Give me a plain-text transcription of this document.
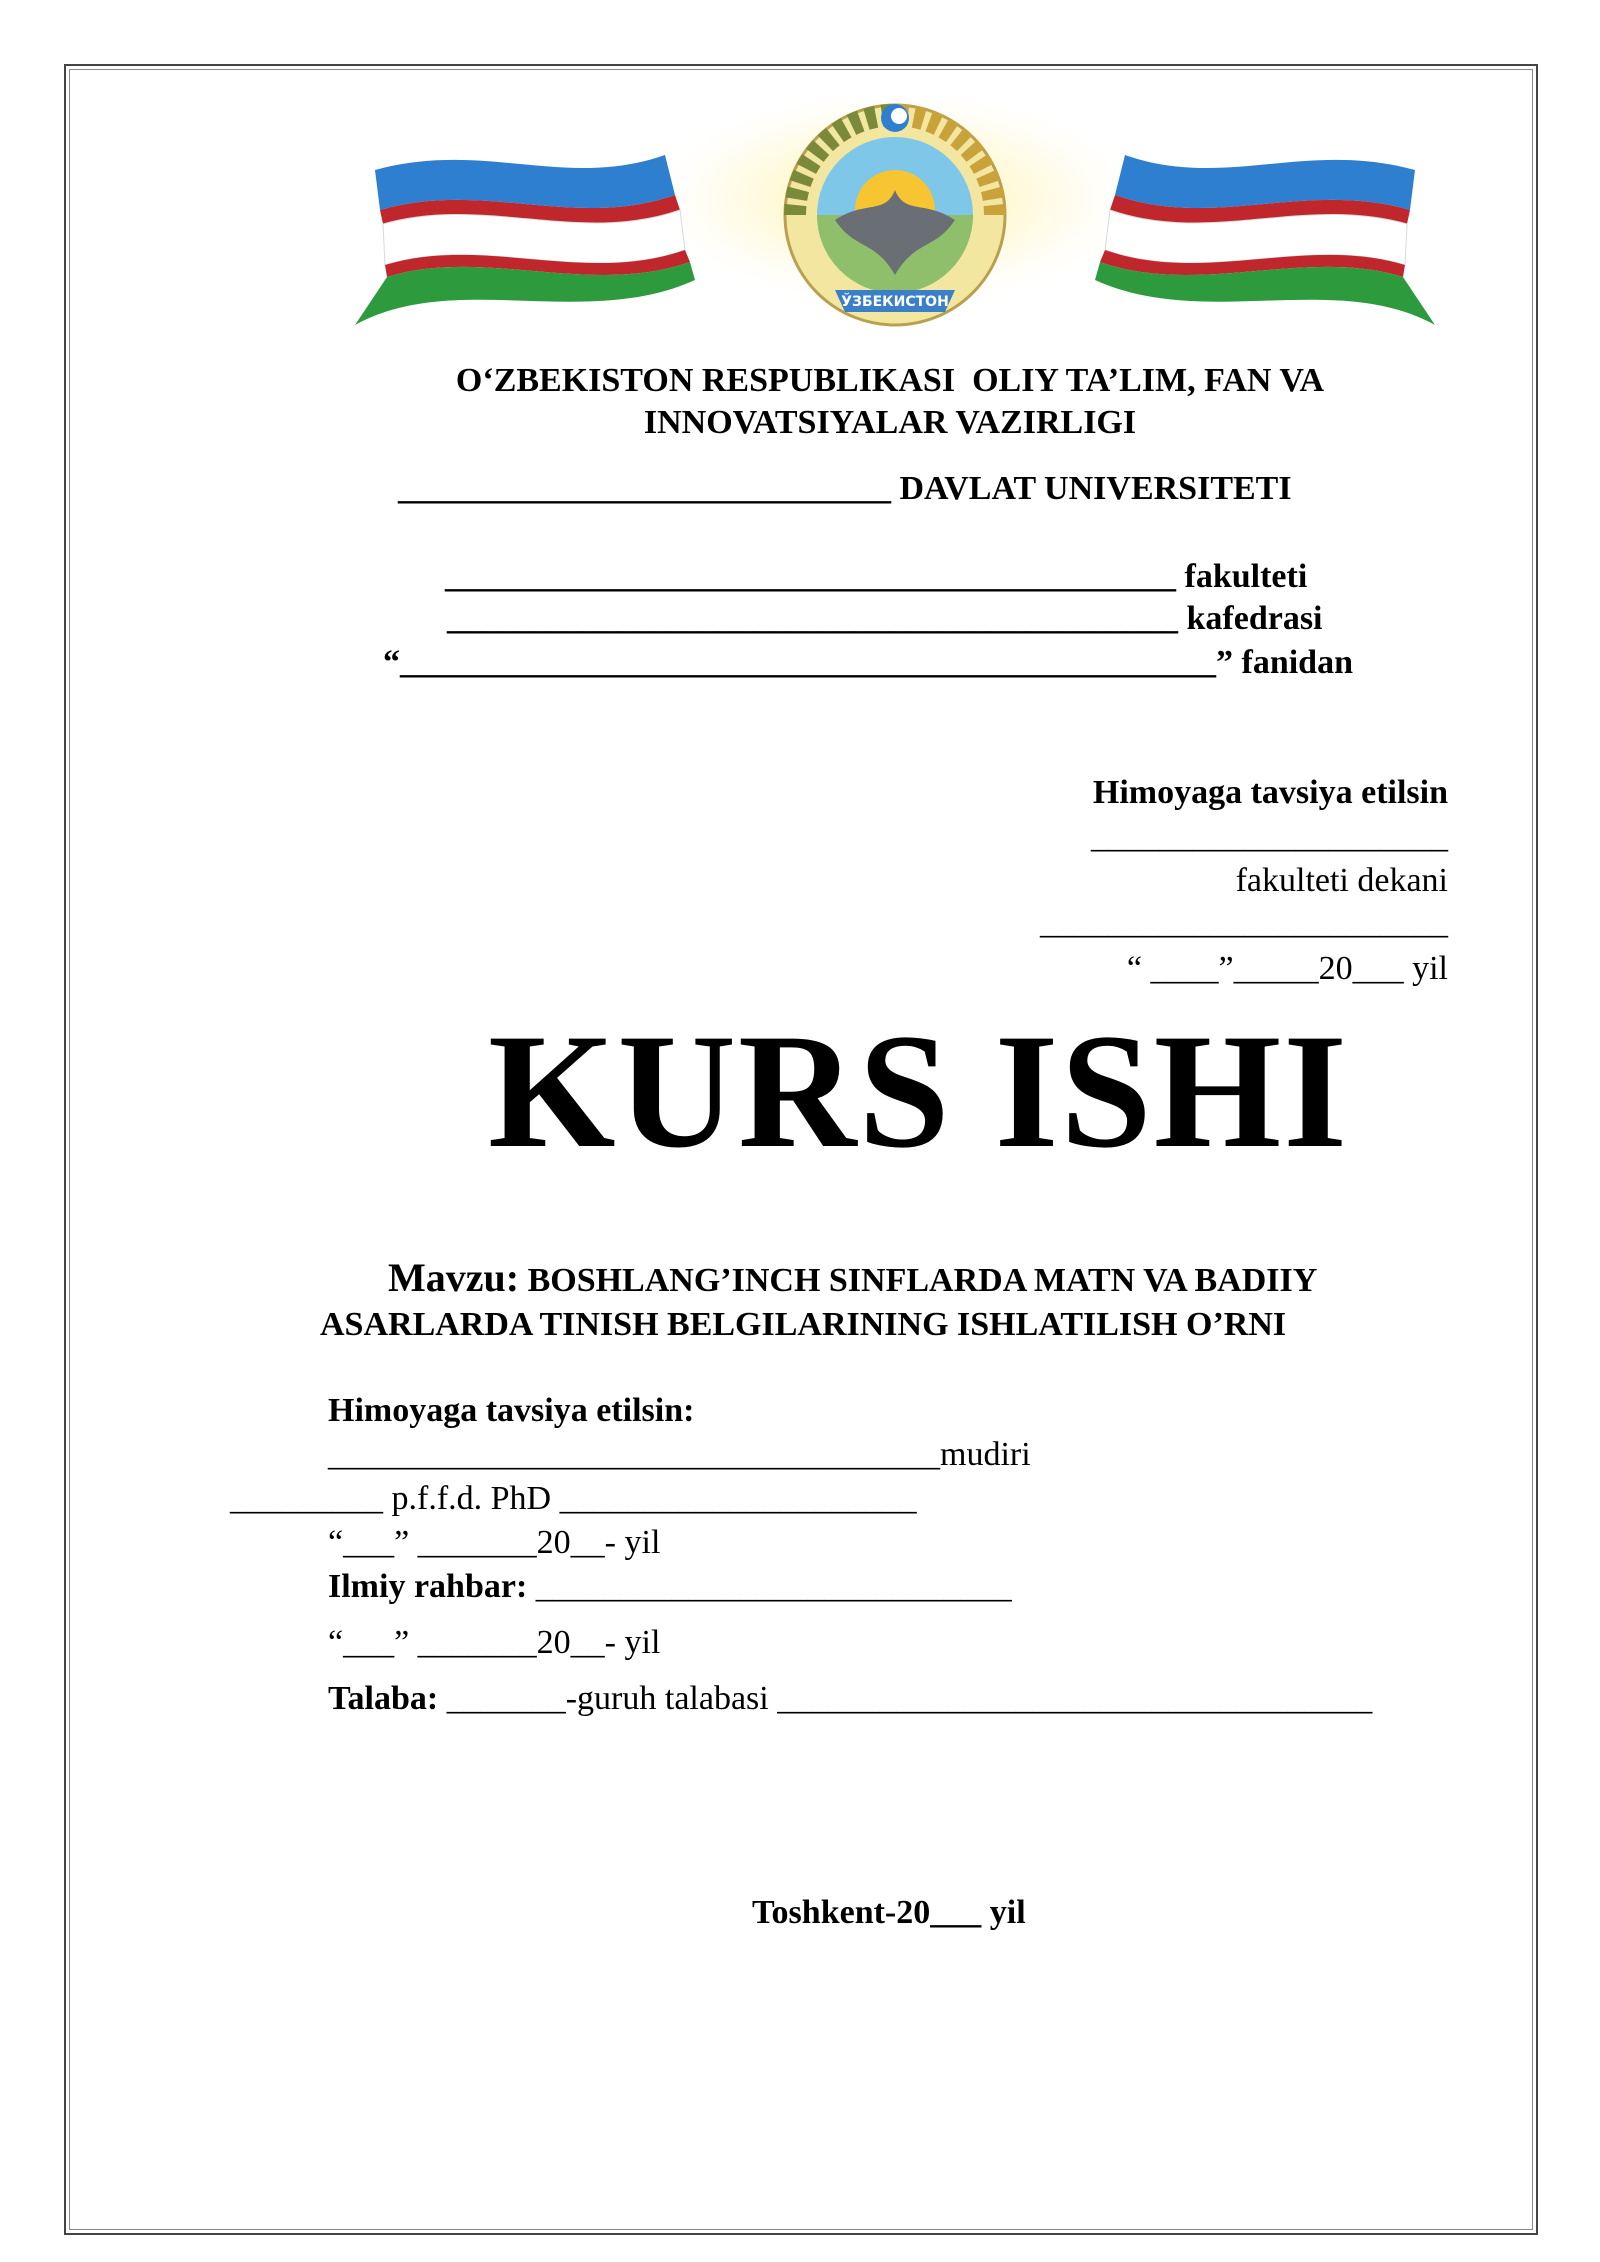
ЎЗБЕКИСТОН
O‘ZBEKISTON RESPUBLIKASI  OLIY TA’LIM, FAN VA
INNOVATSIYALAR VAZIRLIGI
_____________________________ DAVLAT UNIVERSITETI
___________________________________________ fakulteti
___________________________________________ kafedrasi
“________________________________________________” fanidan
Himoyaga tavsiya etilsin
_____________________
fakulteti dekani
________________________
“ ____”_____20___ yil
KURS ISHI
Mavzu: BOSHLANG’INCH SINFLARDA MATN VA BADIIY
ASARLARDA TINISH BELGILARINING ISHLATILISH O’RNI
Himoyaga tavsiya etilsin:
____________________________________mudiri
_________ p.f.f.d. PhD _____________________
“___” _______20__- yil
Ilmiy rahbar: ____________________________
“___” _______20__- yil
Talaba: _______-guruh talabasi ___________________________________
Toshkent-20___ yil
